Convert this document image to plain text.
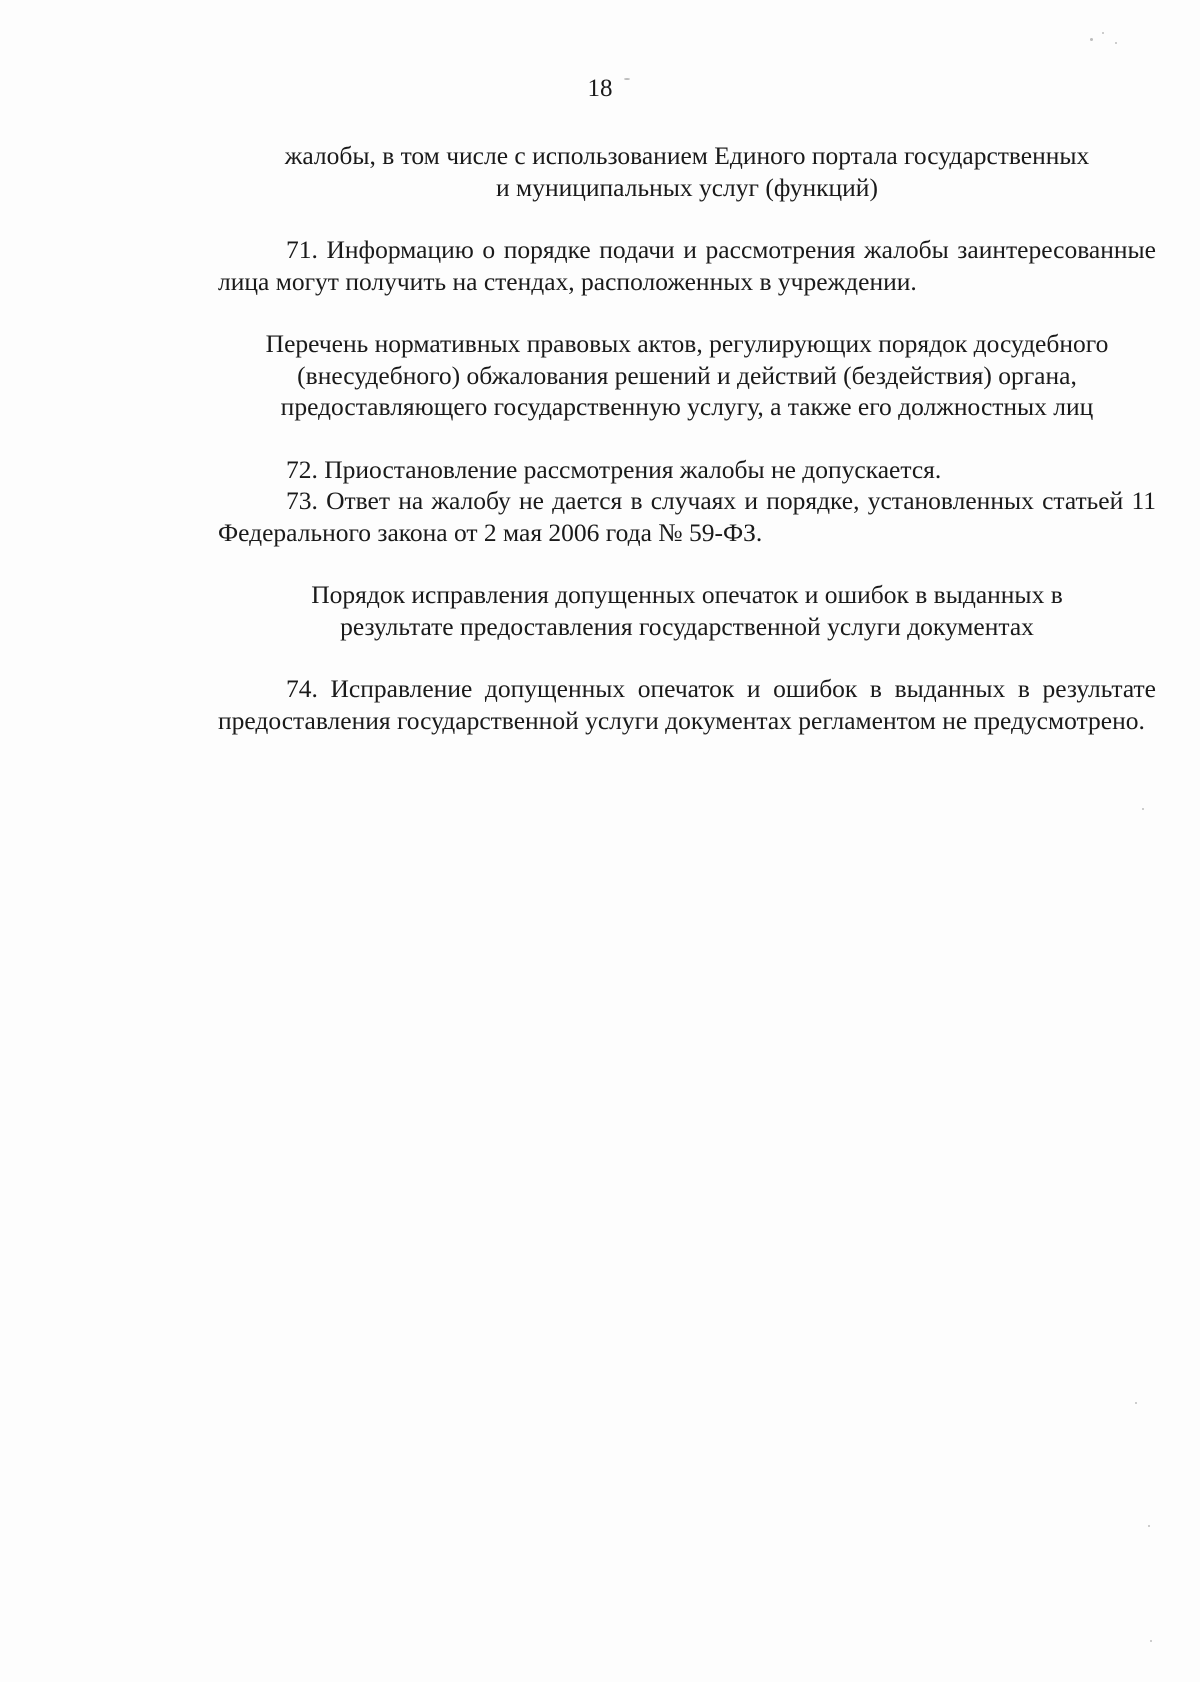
18

жалобы, в том числе с использованием Единого портала государственных

и муниципальных услуг (функций)

71. Информацию о порядке подачи и рассмотрения жалобы заинтересованные лица могут получить на стендах, расположенных в учреждении.

Перечень нормативных правовых актов, регулирующих порядок досудебного

(внесудебного) обжалования решений и действий (бездействия) органа,

предоставляющего государственную услугу, а также его должностных лиц

72. Приостановление рассмотрения жалобы не допускается.

73. Ответ на жалобу не дается в случаях и порядке, установленных статьей 11 Федерального закона от 2 мая 2006 года № 59-ФЗ.

Порядок исправления допущенных опечаток и ошибок в выданных в

результате предоставления государственной услуги документах

74. Исправление допущенных опечаток и ошибок в выданных в результате предоставления государственной услуги документах регламентом не предусмотрено.
